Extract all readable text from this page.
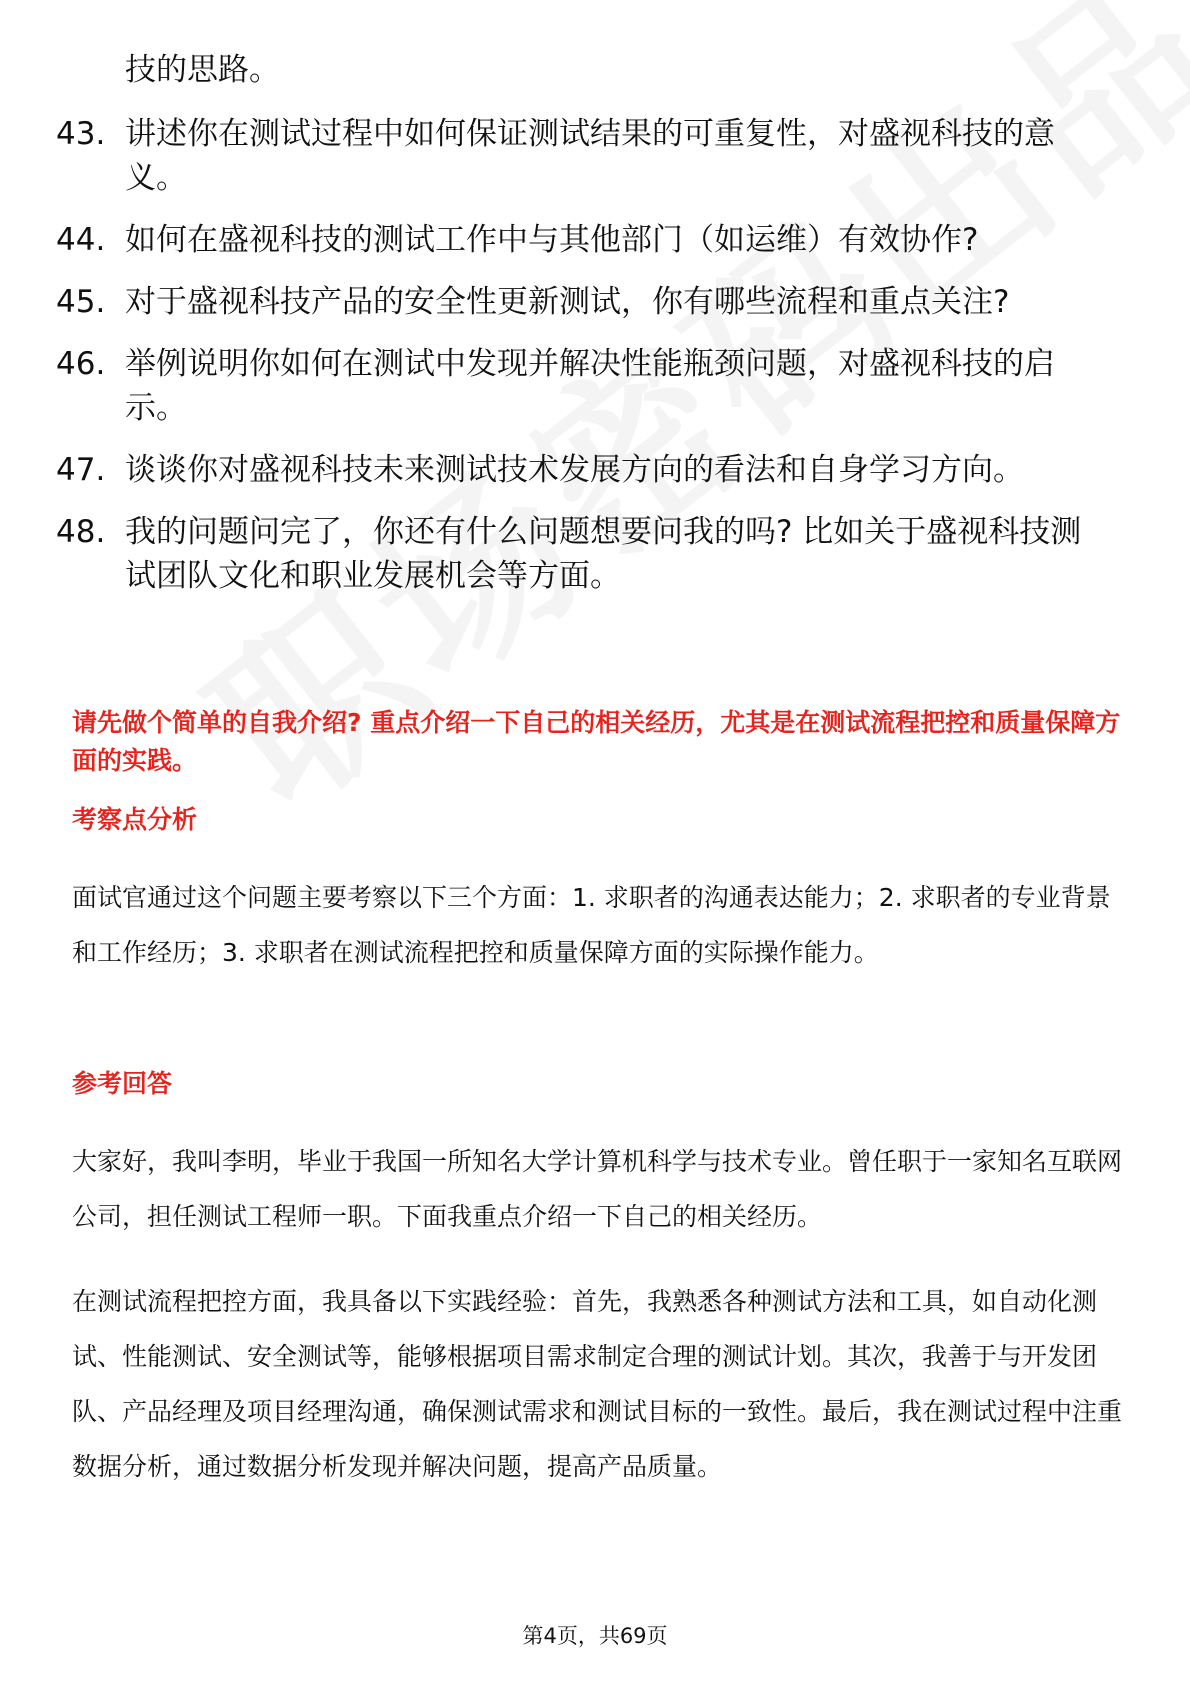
技的思路。

43. 讲述你在测试过程中如何保证测试结果的可重复性，对盛视科技的意义。
44. 如何在盛视科技的测试工作中与其他部门（如运维）有效协作?
45. 对于盛视科技产品的安全性更新测试，你有哪些流程和重点关注?
46. 举例说明你如何在测试中发现并解决性能瓶颈问题，对盛视科技的启示。
47. 谈谈你对盛视科技未来测试技术发展方向的看法和自身学习方向。
48. 我的问题问完了，你还有什么问题想要问我的吗? 比如关于盛视科技测试团队文化和职业发展机会等方面。

请先做个简单的自我介绍? 重点介绍一下自己的相关经历，尤其是在测试流程把控和质量保障方面的实践。

考察点分析

面试官通过这个问题主要考察以下三个方面：1. 求职者的沟通表达能力；2. 求职者的专业背景和工作经历；3. 求职者在测试流程把控和质量保障方面的实际操作能力。

参考回答

大家好，我叫李明，毕业于我国一所知名大学计算机科学与技术专业。曾任职于一家知名互联网公司，担任测试工程师一职。下面我重点介绍一下自己的相关经历。

在测试流程把控方面，我具备以下实践经验：首先，我熟悉各种测试方法和工具，如自动化测试、性能测试、安全测试等，能够根据项目需求制定合理的测试计划。其次，我善于与开发团队、产品经理及项目经理沟通，确保测试需求和测试目标的一致性。最后，我在测试过程中注重数据分析，通过数据分析发现并解决问题，提高产品质量。

第4页，共69页
